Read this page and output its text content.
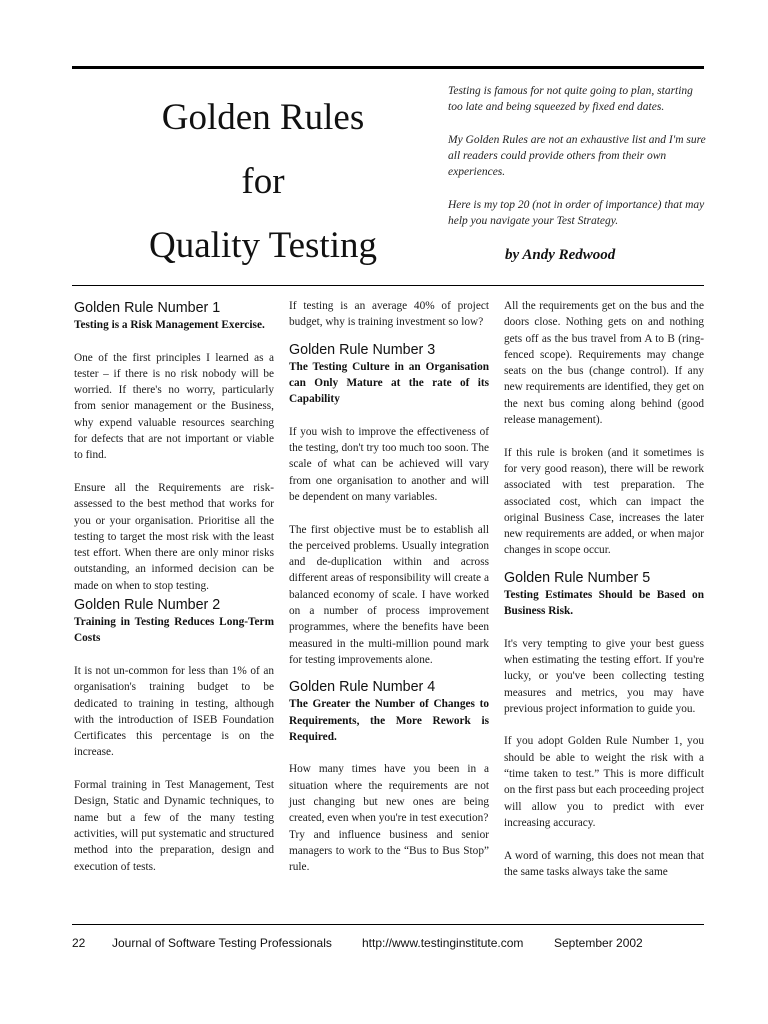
Golden Rules
for
Quality Testing

Testing is famous for not quite going to plan, starting too late and being squeezed by fixed end dates.

My Golden Rules are not an exhaustive list and I'm sure all readers could provide others from their own experiences.

Here is my top 20 (not in order of importance) that may help you navigate your Test Strategy.

by Andy Redwood
Golden Rule Number 1
Testing is a Risk Management Exercise.

One of the first principles I learned as a tester – if there is no risk nobody will be worried. If there's no worry, particularly from senior management or the Business, why expend valuable resources searching for defects that are not important or viable to find.

Ensure all the Requirements are risk-assessed to the best method that works for you or your organisation. Prioritise all the testing to target the most risk with the least test effort. When there are only minor risks outstanding, an informed decision can be made on when to stop testing.

Golden Rule Number 2
Training in Testing Reduces Long-Term Costs

It is not un-common for less than 1% of an organisation's training budget to be dedicated to training in testing, although with the introduction of ISEB Foundation Certificates this percentage is on the increase.

Formal training in Test Management, Test Design, Static and Dynamic techniques, to name but a few of the many testing activities, will put systematic and structured method into the preparation, design and execution of tests.

If testing is an average 40% of project budget, why is training investment so low?

Golden Rule Number 3
The Testing Culture in an Organisation can Only Mature at the rate of its Capability

If you wish to improve the effectiveness of the testing, don't try too much too soon. The scale of what can be achieved will vary from one organisation to another and will be dependent on many variables.

The first objective must be to establish all the perceived problems. Usually integration and de-duplication within and across different areas of responsibility will create a balanced economy of scale. I have worked on a number of process improvement programmes, where the benefits have been measured in the multi-million pound mark for testing improvements alone.

Golden Rule Number 4
The Greater the Number of Changes to Requirements, the More Rework is Required.

How many times have you been in a situation where the requirements are not just changing but new ones are being created, even when you're in test execution?

Try and influence business and senior managers to work to the “Bus to Bus Stop” rule.

All the requirements get on the bus and the doors close. Nothing gets on and nothing gets off as the bus travel from A to B (ring-fenced scope). Requirements may change seats on the bus (change control). If any new requirements are identified, they get on the next bus coming along behind (good release management).

If this rule is broken (and it sometimes is for very good reason), there will be rework associated with test preparation. The associated cost, which can impact the original Business Case, increases the later new requirements are added, or when major changes in scope occur.

Golden Rule Number 5
Testing Estimates Should be Based on Business Risk.

It's very tempting to give your best guess when estimating the testing effort. If you're lucky, or you've been collecting testing measures and metrics, you may have previous project information to guide you.

If you adopt Golden Rule Number 1, you should be able to weight the risk with a “time taken to test.” This is more difficult on the first pass but each proceeding project will allow you to predict with ever increasing accuracy.

A word of warning, this does not mean that the same tasks always take the same

22 Journal of Software Testing Professionals	http://www.testinginstitute.com	September 2002
